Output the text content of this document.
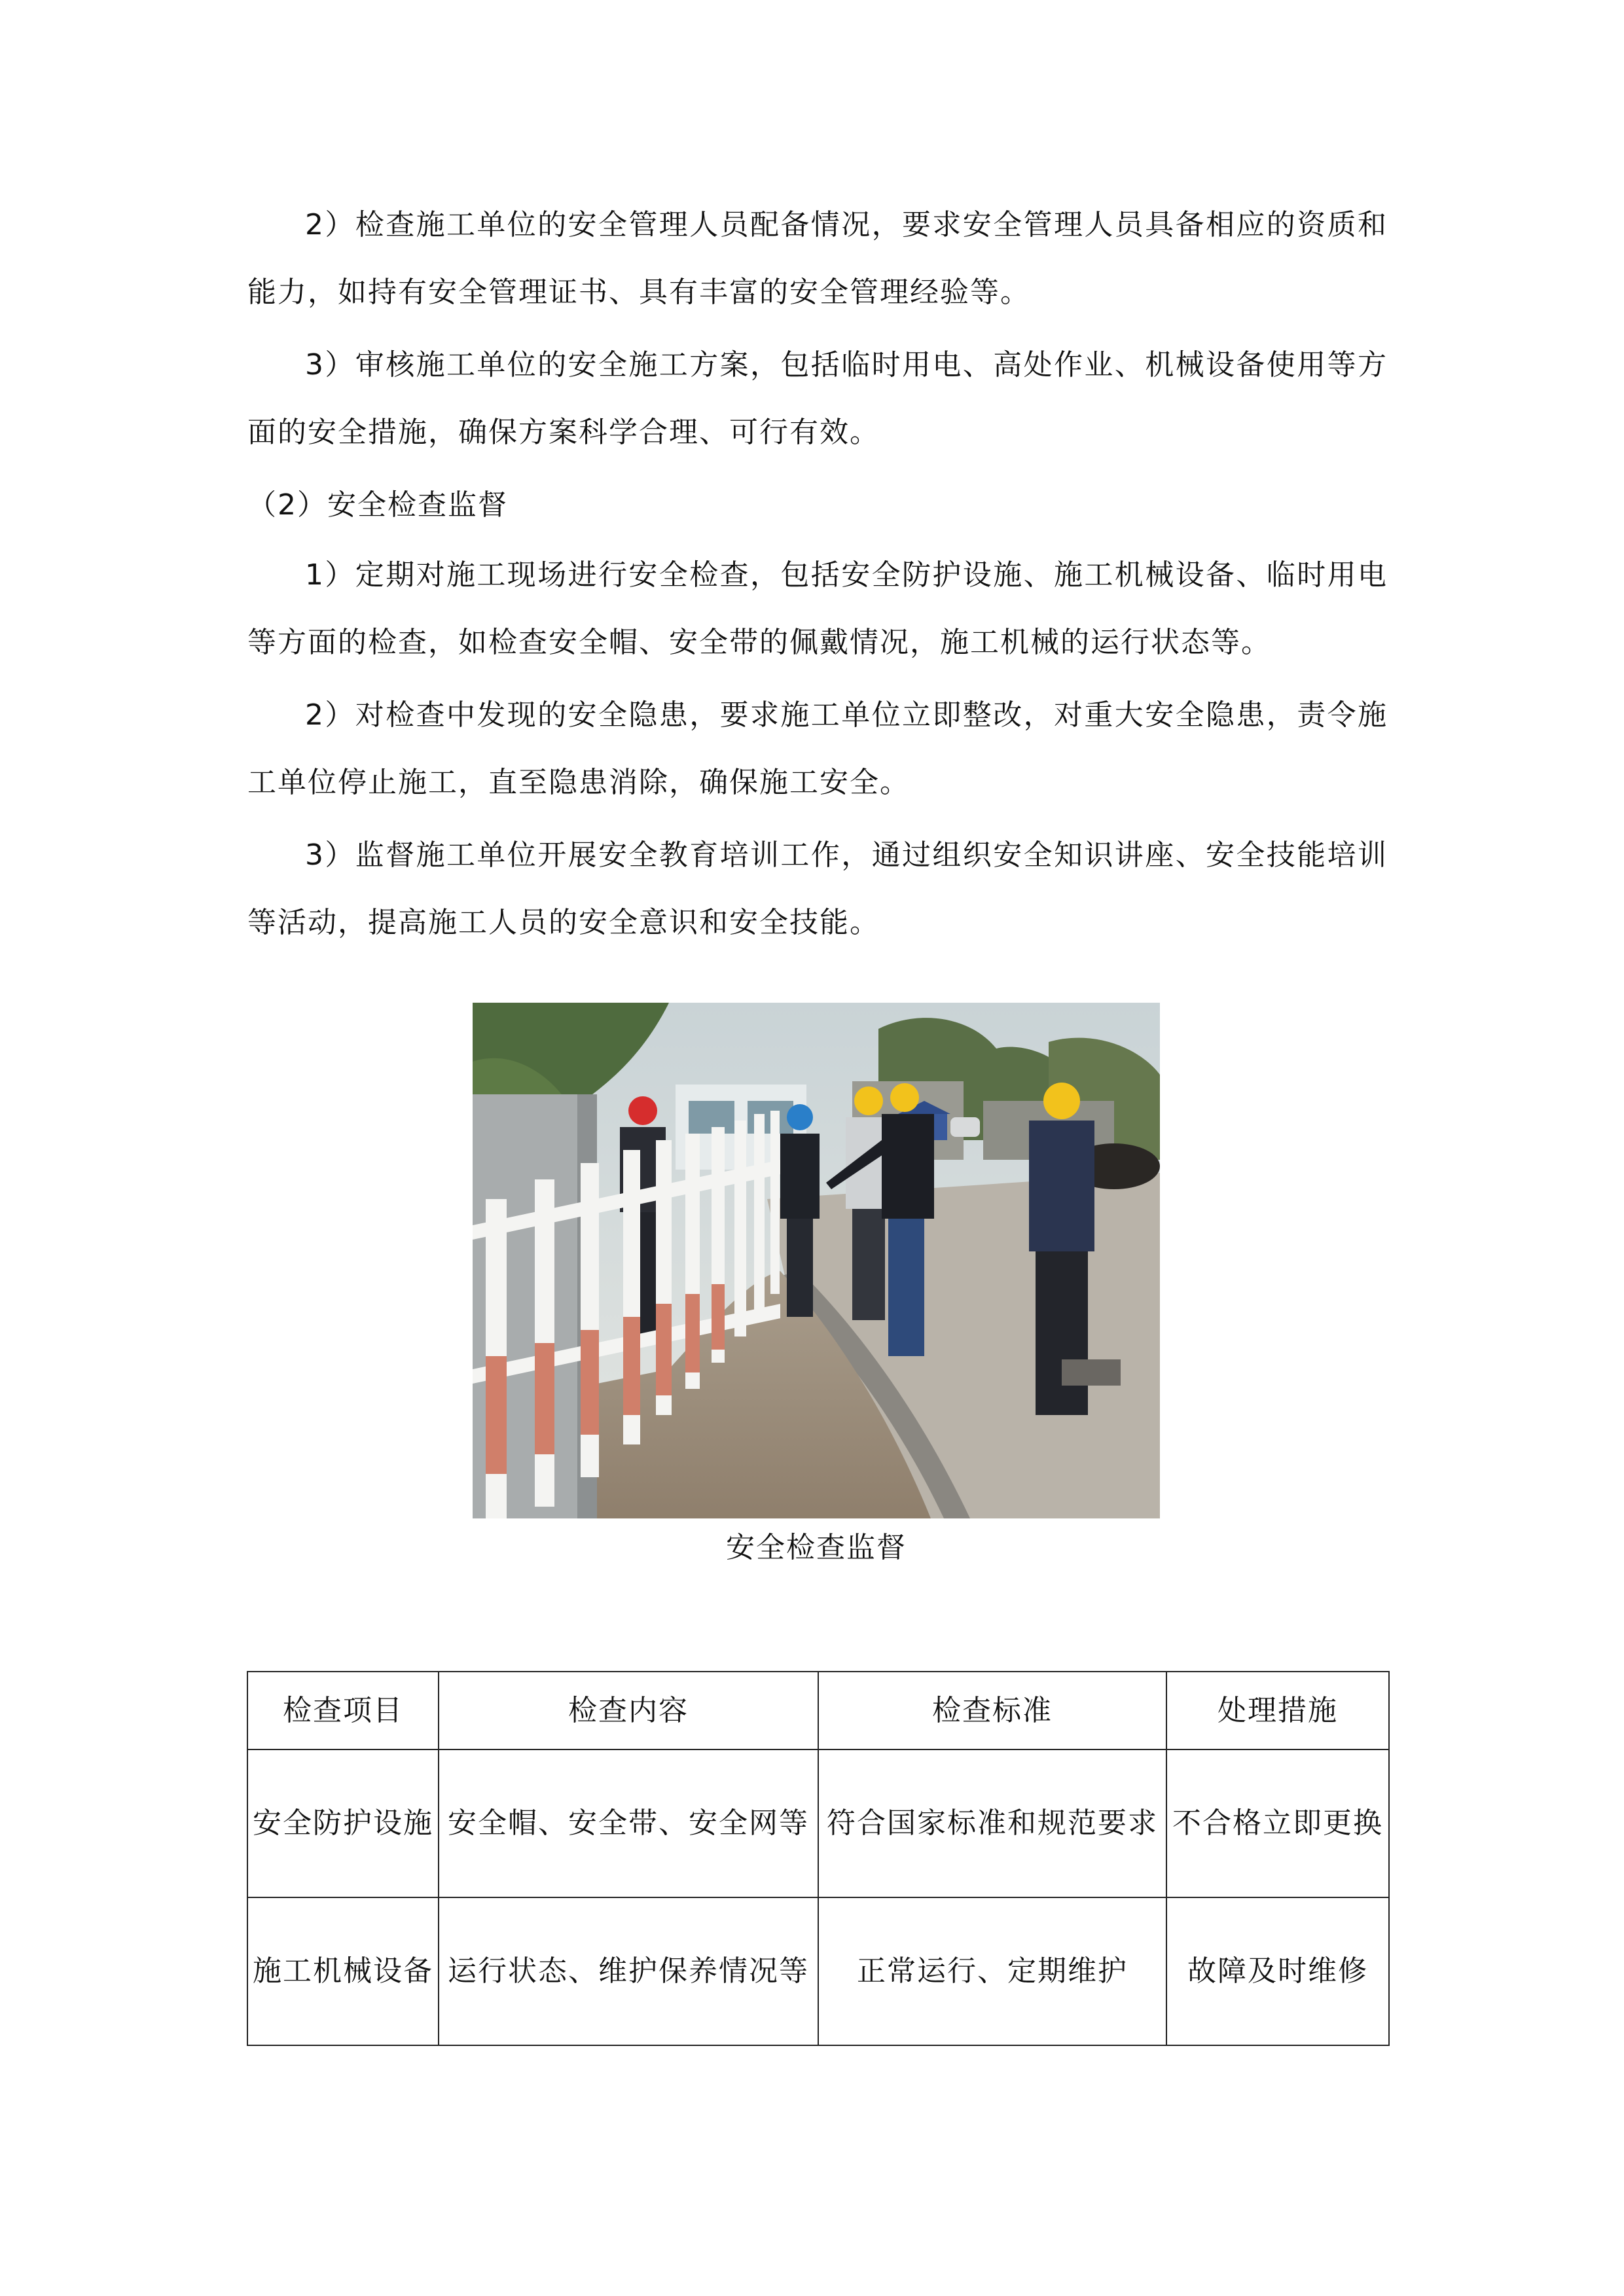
2）检查施工单位的安全管理人员配备情况，要求安全管理人员具备相应的资质和能力，如持有安全管理证书、具有丰富的安全管理经验等。

3）审核施工单位的安全施工方案，包括临时用电、高处作业、机械设备使用等方面的安全措施，确保方案科学合理、可行有效。

（2）安全检查监督

1）定期对施工现场进行安全检查，包括安全防护设施、施工机械设备、临时用电等方面的检查，如检查安全帽、安全带的佩戴情况，施工机械的运行状态等。

2）对检查中发现的安全隐患，要求施工单位立即整改，对重大安全隐患，责令施工单位停止施工，直至隐患消除，确保施工安全。

3）监督施工单位开展安全教育培训工作，通过组织安全知识讲座、安全技能培训等活动，提高施工人员的安全意识和安全技能。

安全检查监督
检查项目	检查内容	检查标准	处理措施
安全防护设施	安全帽、安全带、安全网等	符合国家标准和规范要求	不合格立即更换
施工机械设备	运行状态、维护保养情况等	正常运行、定期维护	故障及时维修
